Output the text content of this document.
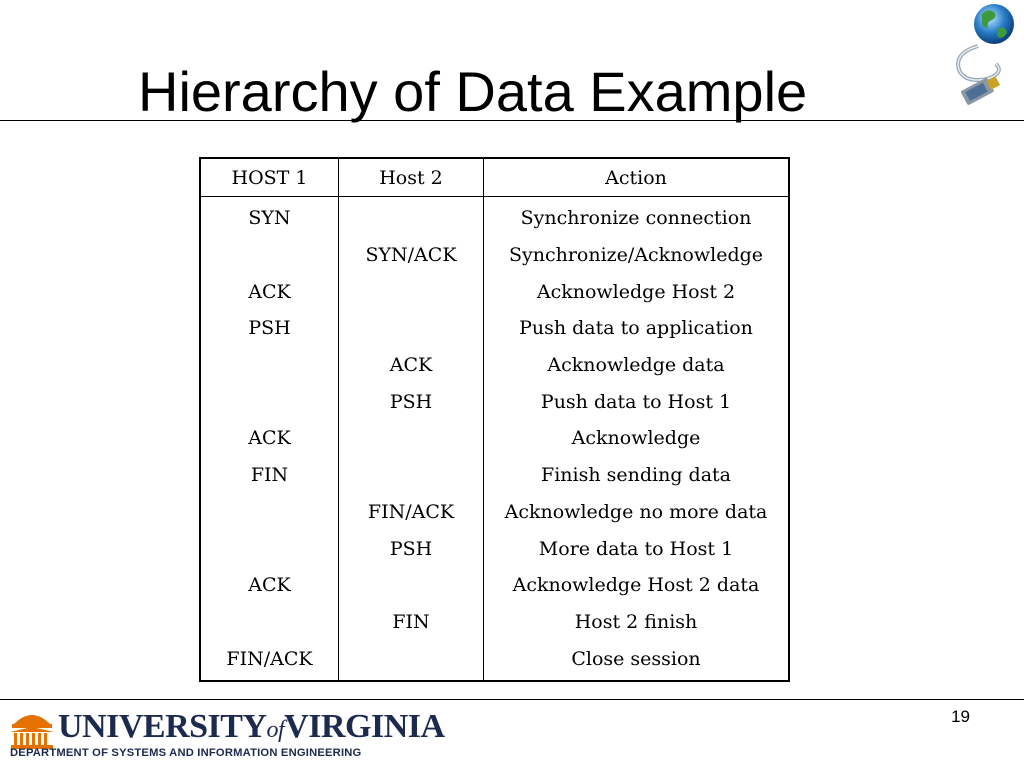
Hierarchy of Data Example
HOST 1	Host 2	Action
SYN		Synchronize connection
	SYN/ACK	Synchronize/Acknowledge
ACK		Acknowledge Host 2
PSH		Push data to application
	ACK	Acknowledge data
	PSH	Push data to Host 1
ACK		Acknowledge
FIN		Finish sending data
	FIN/ACK	Acknowledge no more data
	PSH	More data to Host 1
ACK		Acknowledge Host 2 data
	FIN	Host 2 finish
FIN/ACK		Close session
19
UNIVERSITYofVIRGINIA
DEPARTMENT OF SYSTEMS AND INFORMATION ENGINEERING
